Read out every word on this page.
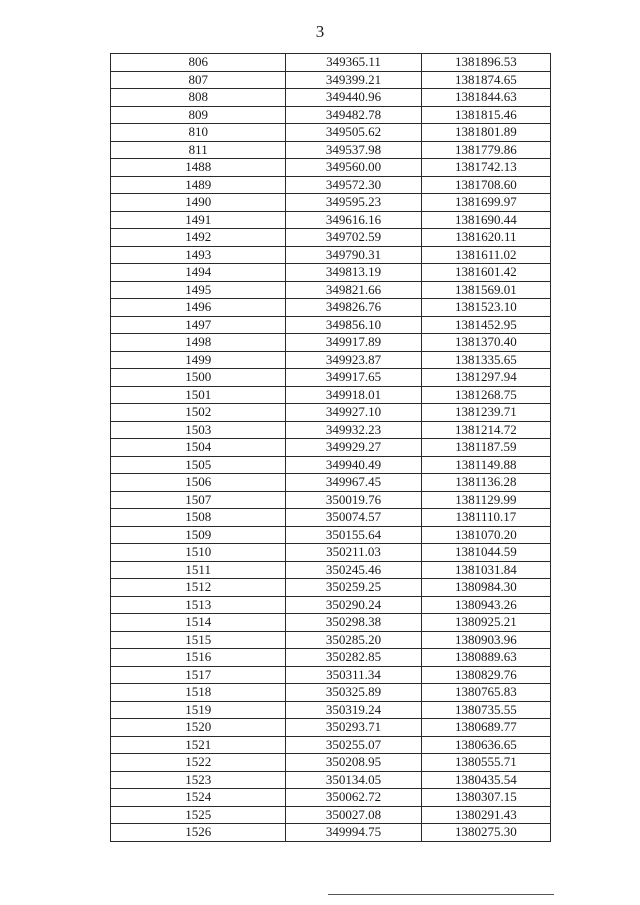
3
806	349365.11	1381896.53
807	349399.21	1381874.65
808	349440.96	1381844.63
809	349482.78	1381815.46
810	349505.62	1381801.89
811	349537.98	1381779.86
1488	349560.00	1381742.13
1489	349572.30	1381708.60
1490	349595.23	1381699.97
1491	349616.16	1381690.44
1492	349702.59	1381620.11
1493	349790.31	1381611.02
1494	349813.19	1381601.42
1495	349821.66	1381569.01
1496	349826.76	1381523.10
1497	349856.10	1381452.95
1498	349917.89	1381370.40
1499	349923.87	1381335.65
1500	349917.65	1381297.94
1501	349918.01	1381268.75
1502	349927.10	1381239.71
1503	349932.23	1381214.72
1504	349929.27	1381187.59
1505	349940.49	1381149.88
1506	349967.45	1381136.28
1507	350019.76	1381129.99
1508	350074.57	1381110.17
1509	350155.64	1381070.20
1510	350211.03	1381044.59
1511	350245.46	1381031.84
1512	350259.25	1380984.30
1513	350290.24	1380943.26
1514	350298.38	1380925.21
1515	350285.20	1380903.96
1516	350282.85	1380889.63
1517	350311.34	1380829.76
1518	350325.89	1380765.83
1519	350319.24	1380735.55
1520	350293.71	1380689.77
1521	350255.07	1380636.65
1522	350208.95	1380555.71
1523	350134.05	1380435.54
1524	350062.72	1380307.15
1525	350027.08	1380291.43
1526	349994.75	1380275.30
